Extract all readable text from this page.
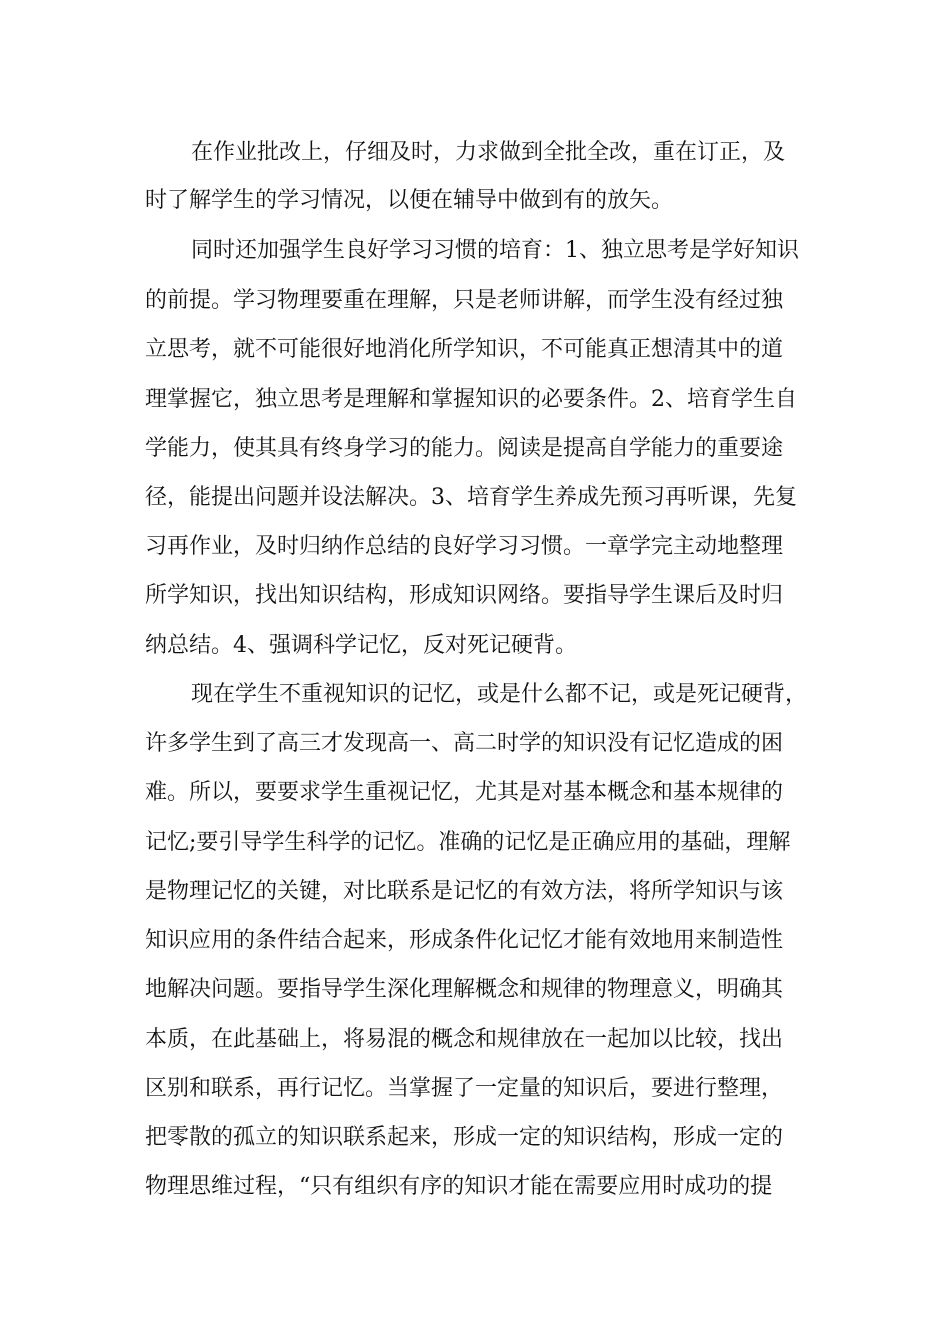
在作业批改上，仔细及时，力求做到全批全改，重在订正，及
时了解学生的学习情况，以便在辅导中做到有的放矢。
同时还加强学生良好学习习惯的培育：1、独立思考是学好知识
的前提。学习物理要重在理解，只是老师讲解，而学生没有经过独
立思考，就不可能很好地消化所学知识，不可能真正想清其中的道
理掌握它，独立思考是理解和掌握知识的必要条件。2、培育学生自
学能力，使其具有终身学习的能力。阅读是提高自学能力的重要途
径，能提出问题并设法解决。3、培育学生养成先预习再听课，先复
习再作业，及时归纳作总结的良好学习习惯。一章学完主动地整理
所学知识，找出知识结构，形成知识网络。要指导学生课后及时归
纳总结。4、强调科学记忆，反对死记硬背。
现在学生不重视知识的记忆，或是什么都不记，或是死记硬背，
许多学生到了高三才发现高一、高二时学的知识没有记忆造成的困
难。所以，要要求学生重视记忆，尤其是对基本概念和基本规律的
记忆;要引导学生科学的记忆。准确的记忆是正确应用的基础，理解
是物理记忆的关键，对比联系是记忆的有效方法，将所学知识与该
知识应用的条件结合起来，形成条件化记忆才能有效地用来制造性
地解决问题。要指导学生深化理解概念和规律的物理意义，明确其
本质，在此基础上，将易混的概念和规律放在一起加以比较，找出
区别和联系，再行记忆。当掌握了一定量的知识后，要进行整理，
把零散的孤立的知识联系起来，形成一定的知识结构，形成一定的
物理思维过程，“只有组织有序的知识才能在需要应用时成功的提
